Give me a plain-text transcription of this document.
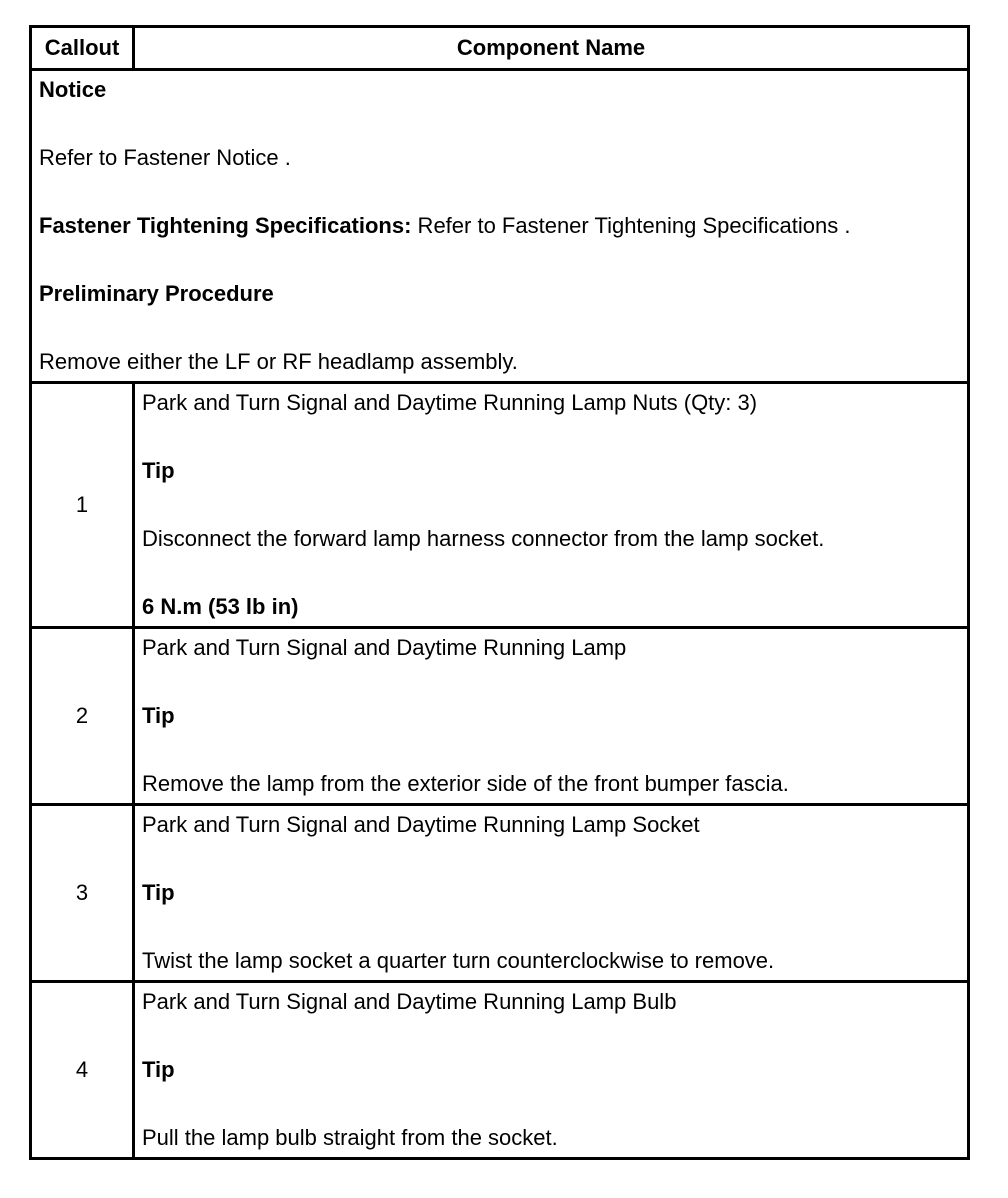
Callout	Component Name

Notice

Refer to Fastener Notice .

Fastener Tightening Specifications: Refer to Fastener Tightening Specifications .

Preliminary Procedure

Remove either the LF or RF headlamp assembly.	

1	Park and Turn Signal and Daytime Running Lamp Nuts (Qty: 3)

Tip

Disconnect the forward lamp harness connector from the lamp socket.

6 N.m (53 lb in)

2	Park and Turn Signal and Daytime Running Lamp

Tip

Remove the lamp from the exterior side of the front bumper fascia.

3	Park and Turn Signal and Daytime Running Lamp Socket

Tip

Twist the lamp socket a quarter turn counterclockwise to remove.

4	Park and Turn Signal and Daytime Running Lamp Bulb

Tip

Pull the lamp bulb straight from the socket.
